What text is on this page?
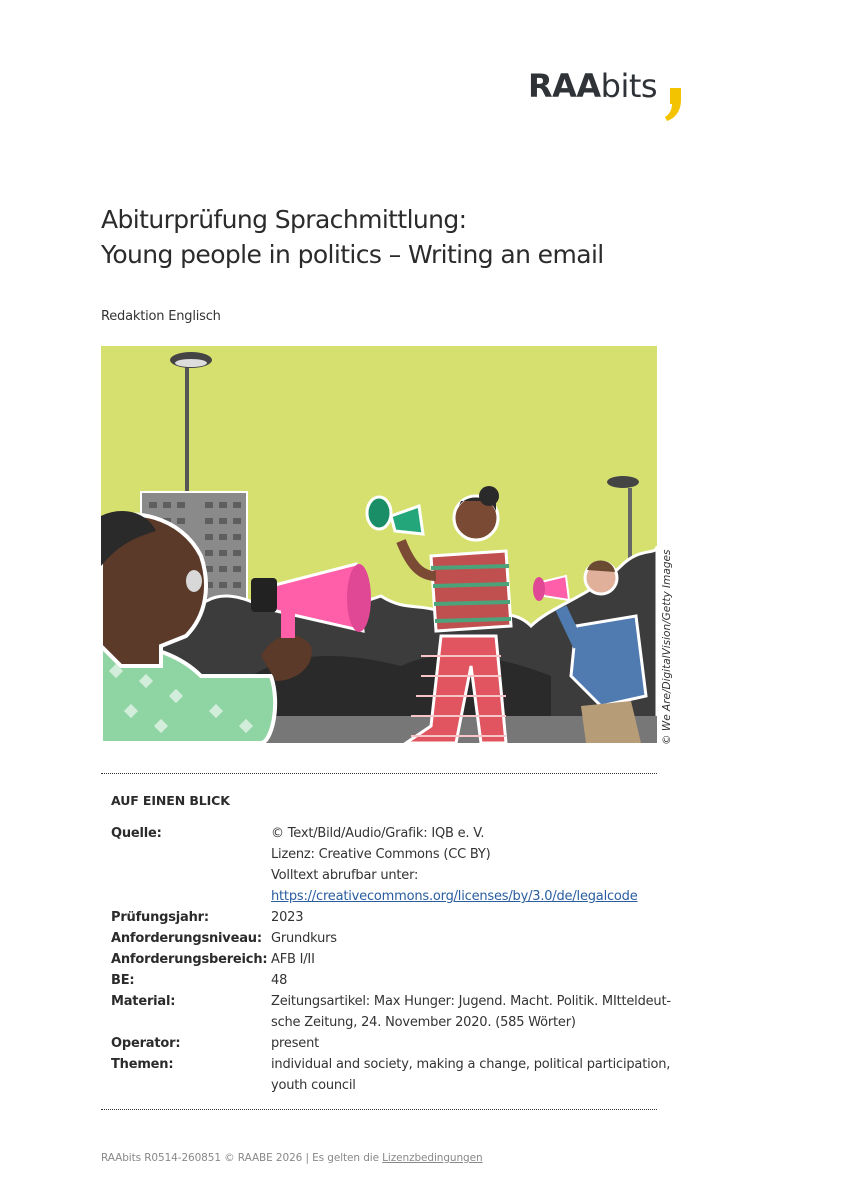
RAAbits
Abiturprüfung Sprachmittlung:
Young people in politics – Writing an email
Redaktion Englisch
© We Are/DigitalVision/Getty Images
AUF EINEN BLICK
Quelle:	© Text/Bild/Audio/Grafik: IQB e. V.
Lizenz: Creative Commons (CC BY)
Volltext abrufbar unter:
https://creativecommons.org/licenses/by/3.0/de/legalcode
Prüfungsjahr:	2023
Anforderungsniveau: Grundkurs
Anforderungsbereich: AFB I/II
BE:	48
Material:	Zeitungsartikel: Max Hunger: Jugend. Macht. Politik. MItteldeut-
sche Zeitung, 24. November 2020. (585 Wörter)
Operator:	present
Themen:	individual and society, making a change, political participation,
youth council
RAAbits R0514-260851 © RAABE 2026 | Es gelten die Lizenzbedingungen
